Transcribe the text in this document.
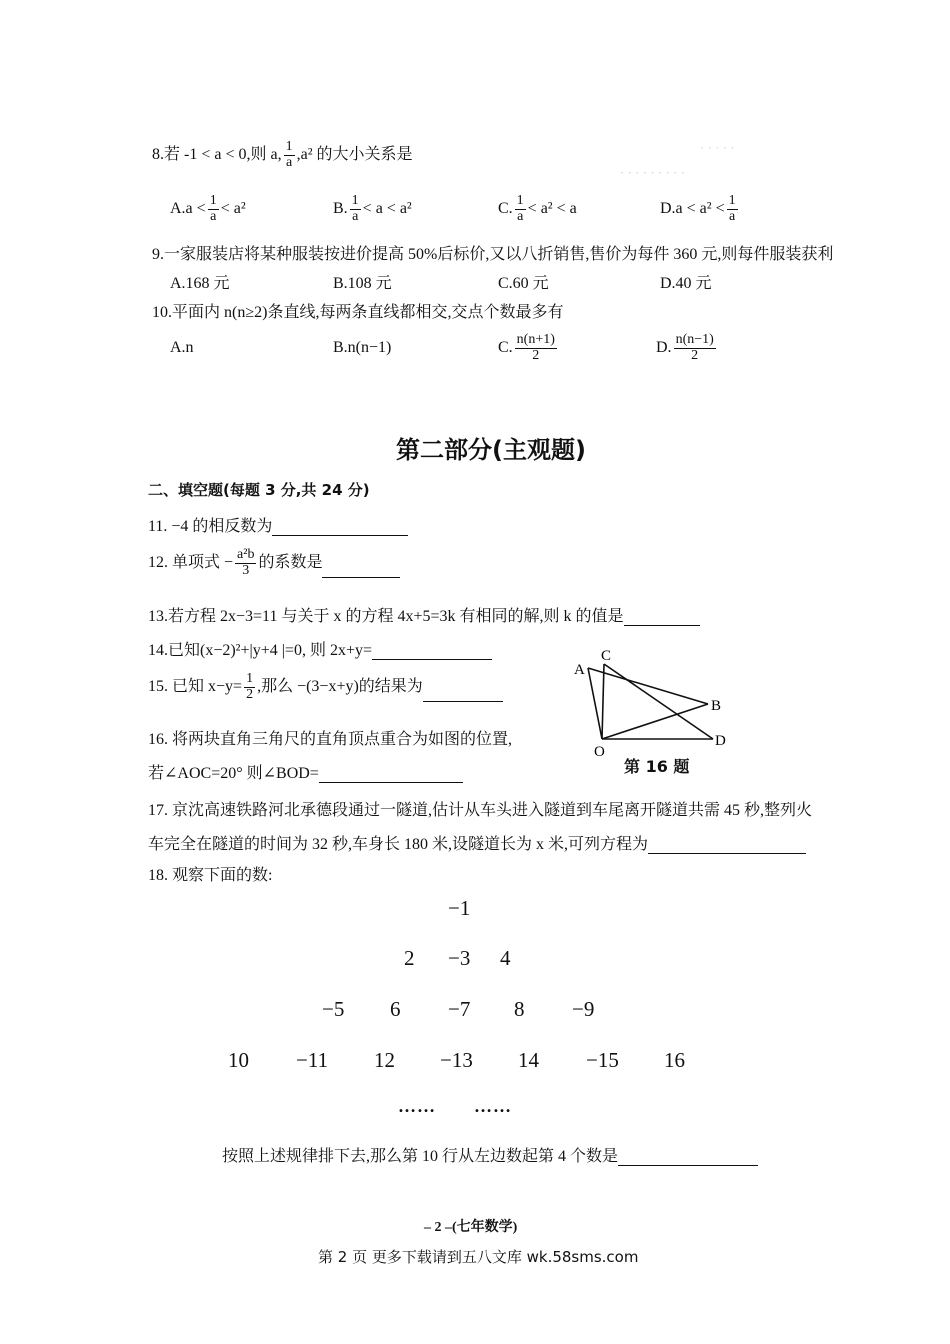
· · · · ·
· · · · · · · · ·
8.若 -1 < a < 0,则 a, $\frac{1}{a} ,a^2$ 的大小关系是
$A.a < \frac{1}{a} < a^2$	B. $\frac{1}{a} < a < a^2$	C. $\frac{1}{a} < a^2 < a$	$D.a < a^2 < \frac{1}{a}$
9.一家服装店将某种服装按进价提高 50%后标价,又以八折销售,售价为每件 360 元,则每件服装获利
A.168 元	B.108 元	C.60 元	D.40 元
10.平面内 n(n≥2)条直线,每两条直线都相交,交点个数最多有
A.n	B.n(n−1)	C. $\frac{n(n+1)}{2}$	D. $\frac{n(n-1)}{2}$
第二部分(主观题)
二、填空题(每题 3 分,共 24 分)
11. −4 的相反数为
12. 单项式 − $\frac{\text{a²b}}{3}$ 的系数是
13.若方程 2x−3=11 与关于 x 的方程 4x+5=3k 有相同的解,则 k 的值是
14.已知(x−2)²+|y+4 |=0, 则 2x+y=
15. 已知 $x-y= \frac{1}{2}$ ,那么 −(3−x+y)的结果为
16. 将两块直角三角尺的直角顶点重合为如图的位置,
若∠AOC=20° 则∠BOD=
A
C
B
O
D
第 16 题
17. 京沈高速铁路河北承德段通过一隧道,估计从车头进入隧道到车尾离开隧道共需 45 秒,整列火
车完全在隧道的时间为 32 秒,车身长 180 米,设隧道长为 x 米,可列方程为
18. 观察下面的数:
−1
2 −3 4
−5 6 −7 8 −9
10 −11 12 −13 14 −15 16
…… ……
按照上述规律排下去,那么第 10 行从左边数起第 4 个数是
– 2 –(七年数学)
第 2 页 更多下载请到五八文库 wk.58sms.com
